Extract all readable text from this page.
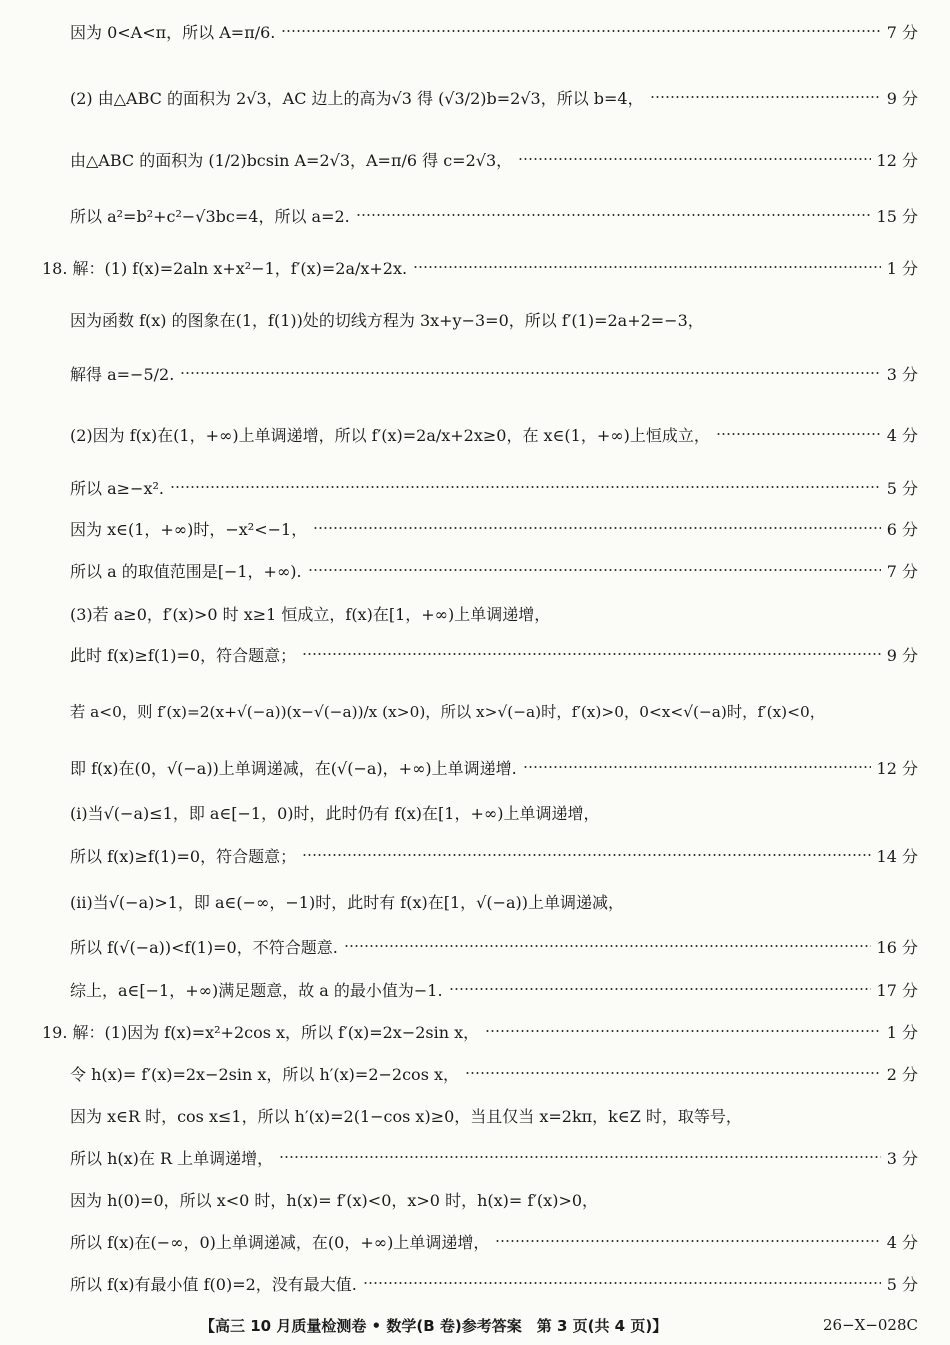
因为 0<A<π，所以 A=π/6.	7 分
(2) 由△ABC 的面积为 2√3，AC 边上的高为√3 得 (√3/2)b=2√3，所以 b=4，	9 分
由△ABC 的面积为 (1/2)bcsin A=2√3，A=π/6 得 c=2√3，	12 分
所以 a²=b²+c²−√3bc=4，所以 a=2.	15 分
18. 解：(1) f(x)=2aln x+x²−1，f′(x)=2a/x+2x.	1 分
因为函数 f(x) 的图象在(1，f(1))处的切线方程为 3x+y−3=0，所以 f′(1)=2a+2=−3，
解得 a=−5/2.	3 分
(2)因为 f(x)在(1，+∞)上单调递增，所以 f′(x)=2a/x+2x≥0，在 x∈(1，+∞)上恒成立，	4 分
所以 a≥−x².	5 分
因为 x∈(1，+∞)时，−x²<−1，	6 分
所以 a 的取值范围是[−1，+∞).	7 分
(3)若 a≥0，f′(x)>0 时 x≥1 恒成立，f(x)在[1，+∞)上单调递增，
此时 f(x)≥f(1)=0，符合题意；	9 分
若 a<0，则 f′(x)=2(x+√(−a))(x−√(−a))/x (x>0)，所以 x>√(−a)时，f′(x)>0，0<x<√(−a)时，f′(x)<0，
即 f(x)在(0，√(−a))上单调递减，在(√(−a)，+∞)上单调递增.	12 分
(ⅰ)当√(−a)≤1，即 a∈[−1，0)时，此时仍有 f(x)在[1，+∞)上单调递增，
所以 f(x)≥f(1)=0，符合题意；	14 分
(ⅱ)当√(−a)>1，即 a∈(−∞，−1)时，此时有 f(x)在[1，√(−a))上单调递减，
所以 f(√(−a))<f(1)=0，不符合题意.	16 分
综上，a∈[−1，+∞)满足题意，故 a 的最小值为−1.	17 分
19. 解：(1)因为 f(x)=x²+2cos x，所以 f′(x)=2x−2sin x，	1 分
令 h(x)= f′(x)=2x−2sin x，所以 h′(x)=2−2cos x，	2 分
因为 x∈R 时，cos x≤1，所以 h′(x)=2(1−cos x)≥0，当且仅当 x=2kπ，k∈Z 时，取等号，
所以 h(x)在 R 上单调递增，	3 分
因为 h(0)=0，所以 x<0 时，h(x)= f′(x)<0，x>0 时，h(x)= f′(x)>0，
所以 f(x)在(−∞，0)上单调递减，在(0，+∞)上单调递增，	4 分
所以 f(x)有最小值 f(0)=2，没有最大值.	5 分
【高三 10 月质量检测卷 • 数学(B 卷)参考答案　第 3 页(共 4 页)】	26−X−028C
